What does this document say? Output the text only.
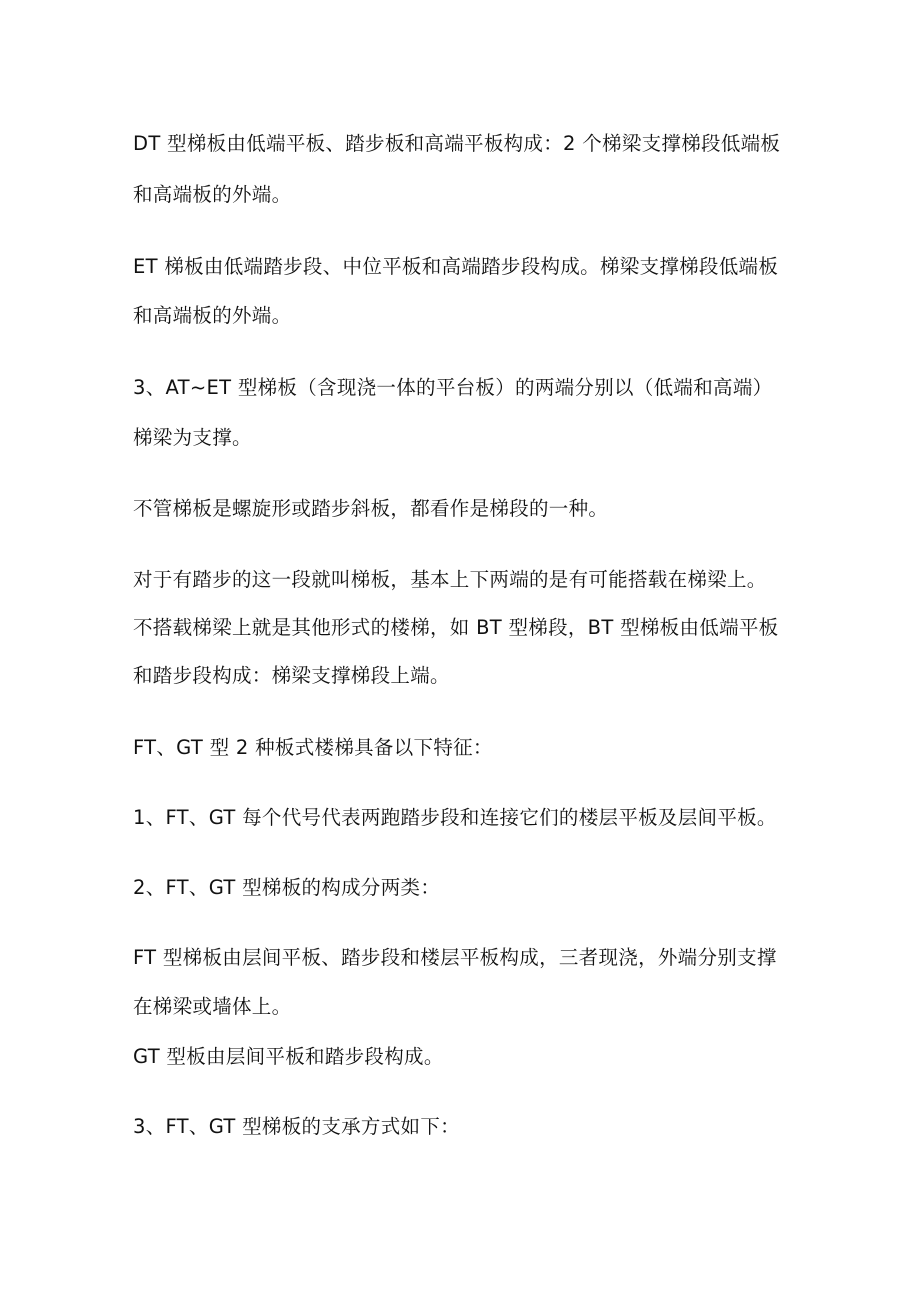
DT 型梯板由低端平板、踏步板和高端平板构成：2 个梯梁支撑梯段低端板
和高端板的外端。
ET 梯板由低端踏步段、中位平板和高端踏步段构成。梯梁支撑梯段低端板
和高端板的外端。
3、AT~ET 型梯板（含现浇一体的平台板）的两端分别以（低端和高端）
梯梁为支撑。
不管梯板是螺旋形或踏步斜板，都看作是梯段的一种。
对于有踏步的这一段就叫梯板，基本上下两端的是有可能搭载在梯梁上。
不搭载梯梁上就是其他形式的楼梯，如 BT 型梯段，BT 型梯板由低端平板
和踏步段构成：梯梁支撑梯段上端。
FT、GT 型 2 种板式楼梯具备以下特征：
1、FT、GT 每个代号代表两跑踏步段和连接它们的楼层平板及层间平板。
2、FT、GT 型梯板的构成分两类：
FT 型梯板由层间平板、踏步段和楼层平板构成，三者现浇，外端分别支撑
在梯梁或墙体上。
GT 型板由层间平板和踏步段构成。
3、FT、GT 型梯板的支承方式如下：
